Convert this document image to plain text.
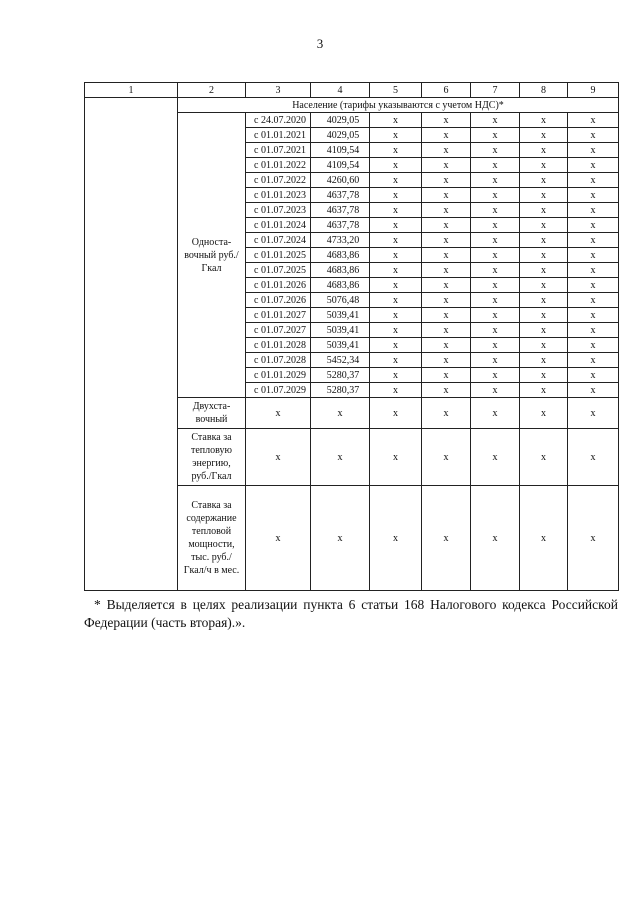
3
1	2	3	4	5	6	7	8	9
	Население (тарифы указываются с учетом НДС)*							
	Односта-вочный руб./Гкал	с 24.07.2020	4029,05	х	х	х	х	х
		с 01.01.2021	4029,05	х	х	х	х	х
		с 01.07.2021	4109,54	х	х	х	х	х
		с 01.01.2022	4109,54	х	х	х	х	х
		с 01.07.2022	4260,60	х	х	х	х	х
		с 01.01.2023	4637,78	х	х	х	х	х
		с 01.07.2023	4637,78	х	х	х	х	х
		с 01.01.2024	4637,78	х	х	х	х	х
		с 01.07.2024	4733,20	х	х	х	х	х
		с 01.01.2025	4683,86	х	х	х	х	х
		с 01.07.2025	4683,86	х	х	х	х	х
		с 01.01.2026	4683,86	х	х	х	х	х
		с 01.07.2026	5076,48	х	х	х	х	х
		с 01.01.2027	5039,41	х	х	х	х	х
		с 01.07.2027	5039,41	х	х	х	х	х
		с 01.01.2028	5039,41	х	х	х	х	х
		с 01.07.2028	5452,34	х	х	х	х	х
		с 01.01.2029	5280,37	х	х	х	х	х
		с 01.07.2029	5280,37	х	х	х	х	х
	Двухста-вочный	х	х	х	х	х	х	х
	Ставка за тепловую энергию, руб./Гкал	х	х	х	х	х	х	х
	Ставка за содержание тепловой мощности, тыс. руб./ Гкал/ч в мес.	х	х	х	х	х	х	х
* Выделяется в целях реализации пункта 6 статьи 168 Налогового кодекса Российской Федерации (часть вторая).».
